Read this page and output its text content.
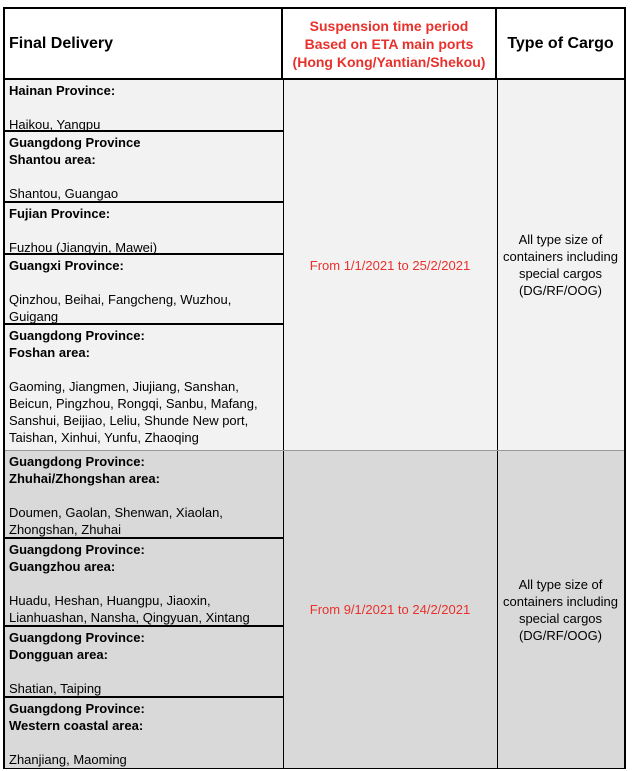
Final Delivery
Suspension time period
Based on ETA main ports
(Hong Kong/Yantian/Shekou)
Type of Cargo
From 1/1/2021 to 25/2/2021
All type size of
containers including
special cargos
(DG/RF/OOG)
Hainan Province:
Haikou, Yangpu
Guangdong Province
Shantou area:
Shantou, Guangao
Fujian Province:
Fuzhou (Jiangyin, Mawei)
Guangxi Province:
Qinzhou, Beihai, Fangcheng, Wuzhou,
Guigang
Guangdong Province:
Foshan area:
Gaoming, Jiangmen, Jiujiang, Sanshan,
Beicun, Pingzhou, Rongqi, Sanbu, Mafang,
Sanshui, Beijiao, Leliu, Shunde New port,
Taishan, Xinhui, Yunfu, Zhaoqing
From 9/1/2021 to 24/2/2021
All type size of
containers including
special cargos
(DG/RF/OOG)
Guangdong Province:
Zhuhai/Zhongshan area:
Doumen, Gaolan, Shenwan, Xiaolan,
Zhongshan, Zhuhai
Guangdong Province:
Guangzhou area:
Huadu, Heshan, Huangpu, Jiaoxin,
Lianhuashan, Nansha, Qingyuan, Xintang
Guangdong Province:
Dongguan area:
Shatian, Taiping
Guangdong Province:
Western coastal area:
Zhanjiang, Maoming
